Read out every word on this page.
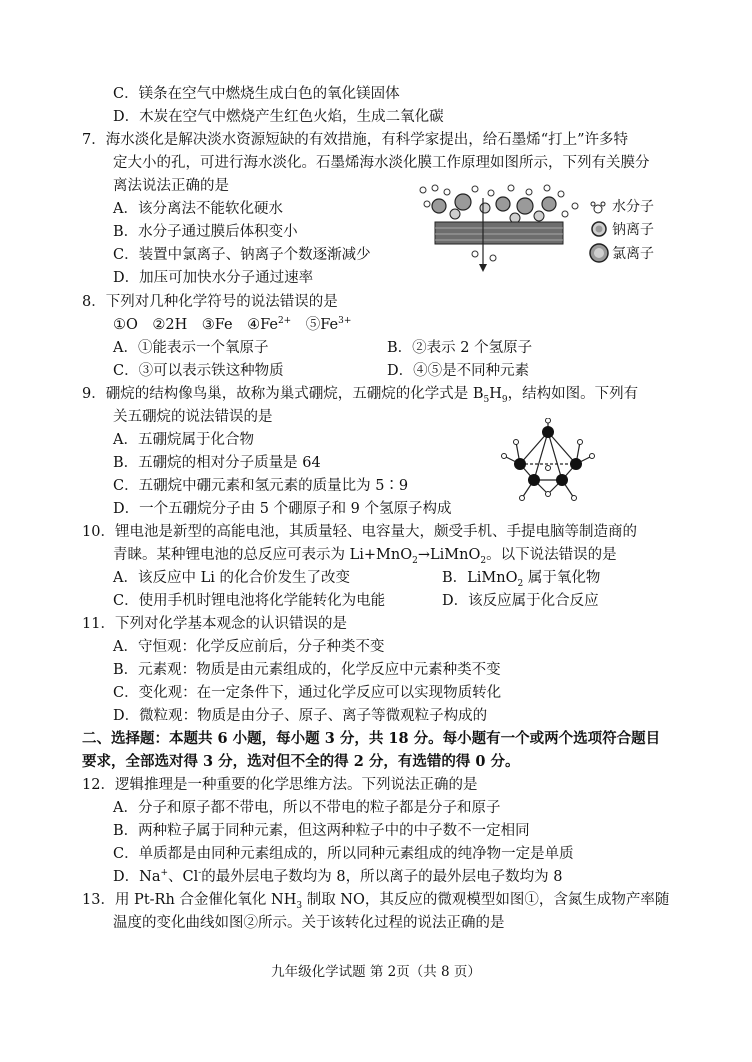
C．镁条在空气中燃烧生成白色的氧化镁固体
D．木炭在空气中燃烧产生红色火焰，生成二氧化碳
7．海水淡化是解决淡水资源短缺的有效措施，有科学家提出，给石墨烯“打上”许多特
定大小的孔，可进行海水淡化。石墨烯海水淡化膜工作原理如图所示，下列有关膜分
离法说法正确的是
A．该分离法不能软化硬水
B．水分子通过膜后体积变小
C．装置中氯离子、钠离子个数逐渐减少
D．加压可加快水分子通过速率
水分子
钠离子
氯离子
8．下列对几种化学符号的说法错误的是
①O　②2H　③Fe　$④Fe^{2+}$　$⑤Fe^{3+}$
A．①能表示一个氧原子	B．②表示 2 个氢原子
C．③可以表示铁这种物质	D．④⑤是不同种元素
9．硼烷的结构像鸟巢，故称为巢式硼烷，五硼烷的化学式是 $B_5H_9$，结构如图。下列有
关五硼烷的说法错误的是
A．五硼烷属于化合物
B．五硼烷的相对分子质量是 64
C．五硼烷中硼元素和氢元素的质量比为 5∶9
D．一个五硼烷分子由 5 个硼原子和 9 个氢原子构成
10．锂电池是新型的高能电池，其质量轻、电容量大，颇受手机、手提电脑等制造商的
青睐。某种锂电池的总反应可表示为 Li+MnO$_2$→LiMnO$_2$。以下说法错误的是
A．该反应中 Li 的化合价发生了改变	B．LiMnO$_2$ 属于氧化物
C．使用手机时锂电池将化学能转化为电能	D．该反应属于化合反应
11．下列对化学基本观念的认识错误的是
A．守恒观：化学反应前后，分子种类不变
B．元素观：物质是由元素组成的，化学反应中元素种类不变
C．变化观：在一定条件下，通过化学反应可以实现物质转化
D．微粒观：物质是由分子、原子、离子等微观粒子构成的
二、选择题：本题共 6 小题，每小题 3 分，共 18 分。每小题有一个或两个选项符合题目
要求，全部选对得 3 分，选对但不全的得 2 分，有选错的得 0 分。
12．逻辑推理是一种重要的化学思维方法。下列说法正确的是
A．分子和原子都不带电，所以不带电的粒子都是分子和原子
B．两种粒子属于同种元素，但这两种粒子中的中子数不一定相同
C．单质都是由同种元素组成的，所以同种元素组成的纯净物一定是单质
D．Na+、Cl-的最外层电子数均为 8，所以离子的最外层电子数均为 8
13．用 Pt-Rh 合金催化氧化 $NH_3$ 制取 NO，其反应的微观模型如图①，含氮生成物产率随
温度的变化曲线如图②所示。关于该转化过程的说法正确的是
九年级化学试题 第 2页（共 8 页）
